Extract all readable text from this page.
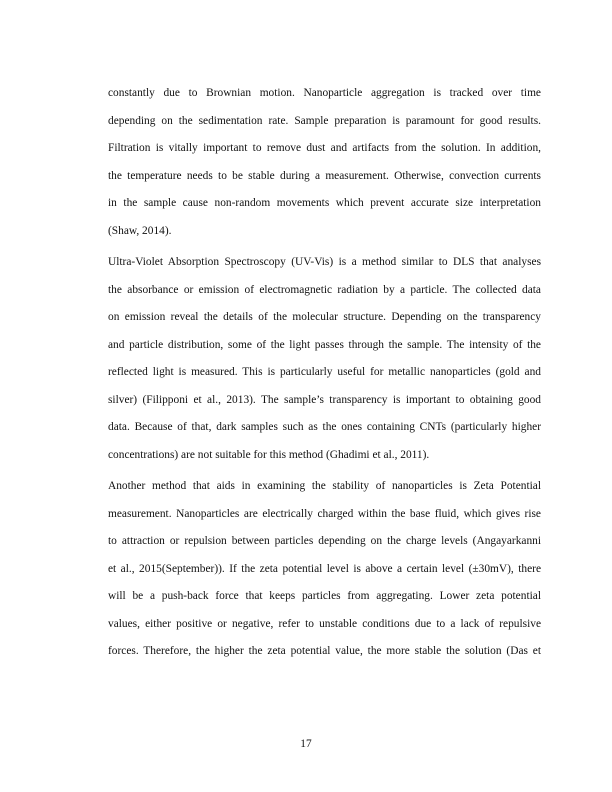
constantly due to Brownian motion. Nanoparticle aggregation is tracked over time
depending on the sedimentation rate. Sample preparation is paramount for good results.
Filtration is vitally important to remove dust and artifacts from the solution. In addition,
the temperature needs to be stable during a measurement. Otherwise, convection currents
in the sample cause non-random movements which prevent accurate size interpretation
(Shaw, 2014).

Ultra-Violet Absorption Spectroscopy (UV-Vis) is a method similar to DLS that analyses
the absorbance or emission of electromagnetic radiation by a particle. The collected data
on emission reveal the details of the molecular structure. Depending on the transparency
and particle distribution, some of the light passes through the sample. The intensity of the
reflected light is measured. This is particularly useful for metallic nanoparticles (gold and
silver) (Filipponi et al., 2013). The sample’s transparency is important to obtaining good
data. Because of that, dark samples such as the ones containing CNTs (particularly higher
concentrations) are not suitable for this method (Ghadimi et al., 2011).

Another method that aids in examining the stability of nanoparticles is Zeta Potential
measurement. Nanoparticles are electrically charged within the base fluid, which gives rise
to attraction or repulsion between particles depending on the charge levels (Angayarkanni
et al., 2015(September)). If the zeta potential level is above a certain level (±30mV), there
will be a push-back force that keeps particles from aggregating. Lower zeta potential
values, either positive or negative, refer to unstable conditions due to a lack of repulsive
forces. Therefore, the higher the zeta potential value, the more stable the solution (Das et

17
